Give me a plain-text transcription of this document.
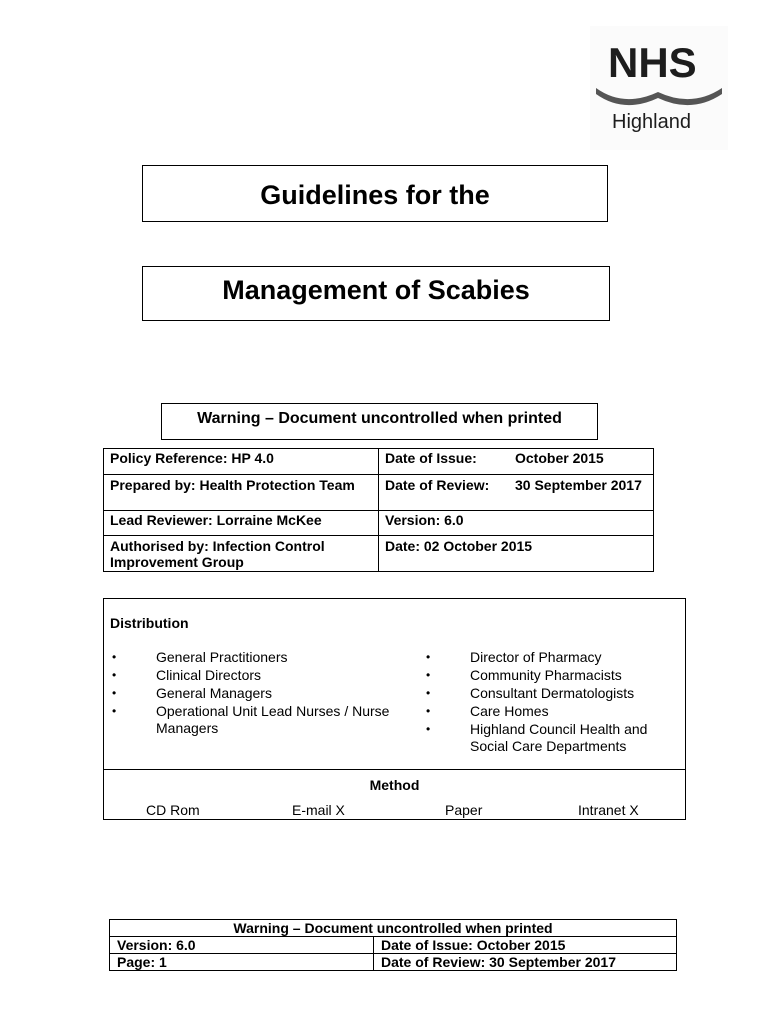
NHS
Highland
Guidelines for the
Management of Scabies
Warning – Document uncontrolled when printed
Policy Reference: HP 4.0	Date of Issue: October 2015
Prepared by: Health Protection Team	Date of Review: 30 September 2017
Lead Reviewer: Lorraine McKee	Version: 6.0
Authorised by: Infection Control Improvement Group	Date: 02 October 2015
Distribution
•	General Practitioners
•	Clinical Directors
•	General Managers
•	Operational Unit Lead Nurses / Nurse Managers
•	Director of Pharmacy
•	Community Pharmacists
•	Consultant Dermatologists
•	Care Homes
•	Highland Council Health and Social Care Departments
Method
CD Rom	E-mail X	Paper	Intranet X
Warning – Document uncontrolled when printed	
Version: 6.0	Date of Issue: October 2015
Page: 1	Date of Review: 30 September 2017
